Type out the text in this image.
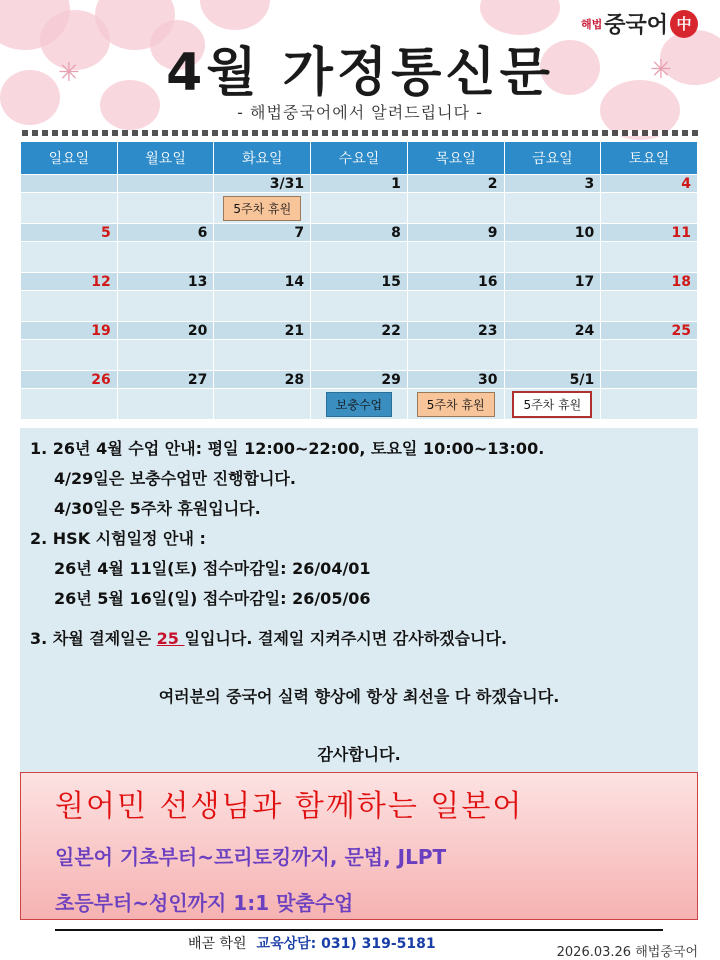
✳	✳
4월 가정통신문
- 해법중국어에서 알려드립니다 -
해법 중국어 中
일요일	월요일	화요일	수요일	목요일	금요일	토요일
		3/31	1	2	3	4
		5주차 휴원				
5	6	7	8	9	10	11

12	13	14	15	16	17	18

19	20	21	22	23	24	25

26	27	28	29	30	5/1	
			보충수업	5주차 휴원	5주차 휴원	
1. 26년 4월 수업 안내: 평일 12:00~22:00, 토요일 10:00~13:00.
4/29일은 보충수업만 진행합니다.
4/30일은 5주차 휴원입니다.
2. HSK 시험일정 안내 :
26년 4월 11일(토) 접수마감일: 26/04/01
26년 5월 16일(일) 접수마감일: 26/05/06
3. 차월 결제일은 25 일입니다. 결제일 지켜주시면 감사하겠습니다.
여러분의 중국어 실력 향상에 항상 최선을 다 하겠습니다.
감사합니다.
원어민 선생님과 함께하는 일본어
일본어 기초부터~프리토킹까지, 문법, JLPT
초등부터~성인까지 1:1 맞춤수업
배곧 학원 교육상담: 031) 319-5181
2026.03.26 해법중국어
